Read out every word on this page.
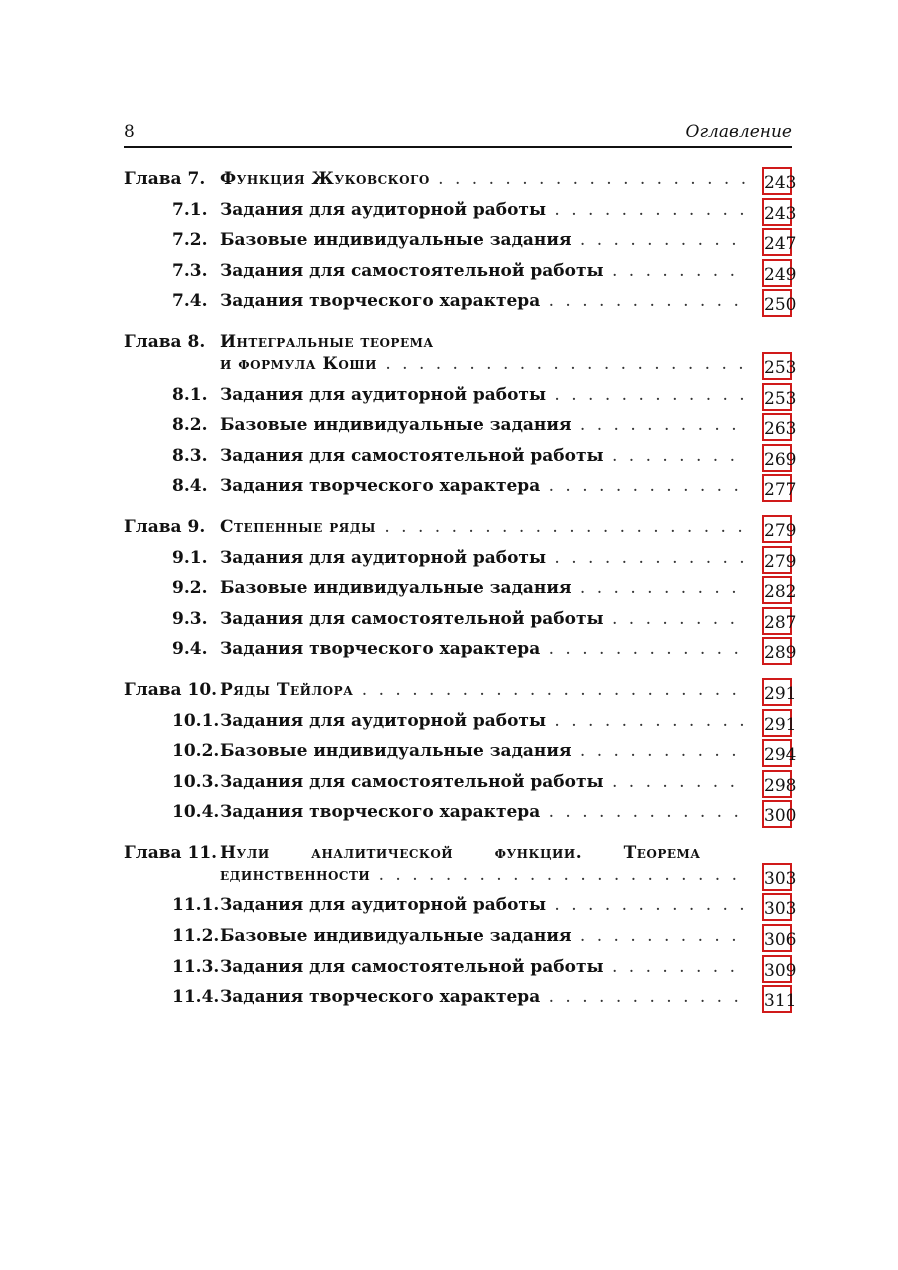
8	Оглавление
Глава 7. Функция Жуковского . . .	243
7.1. Задания для аудиторной работы . . .	243
7.2. Базовые индивидуальные задания . . .	247
7.3. Задания для самостоятельной работы . . .	249
7.4. Задания творческого характера . . .	250
Глава 8. Интегральные теорема
и формула Коши . . .	253
8.1. Задания для аудиторной работы . . .	253
8.2. Базовые индивидуальные задания . . .	263
8.3. Задания для самостоятельной работы . . .	269
8.4. Задания творческого характера . . .	277
Глава 9. Степенные ряды . . .	279
9.1. Задания для аудиторной работы . . .	279
9.2. Базовые индивидуальные задания . . .	282
9.3. Задания для самостоятельной работы . . .	287
9.4. Задания творческого характера . . .	289
Глава 10. Ряды Тейлора . . .	291
10.1. Задания для аудиторной работы . . .	291
10.2. Базовые индивидуальные задания . . .	294
10.3. Задания для самостоятельной работы . . .	298
10.4. Задания творческого характера . . .	300
Глава 11. Нули аналитической функции. Теорема
единственности . . .	303
11.1. Задания для аудиторной работы . . .	303
11.2. Базовые индивидуальные задания . . .	306
11.3. Задания для самостоятельной работы . . .	309
11.4. Задания творческого характера . . .	311
